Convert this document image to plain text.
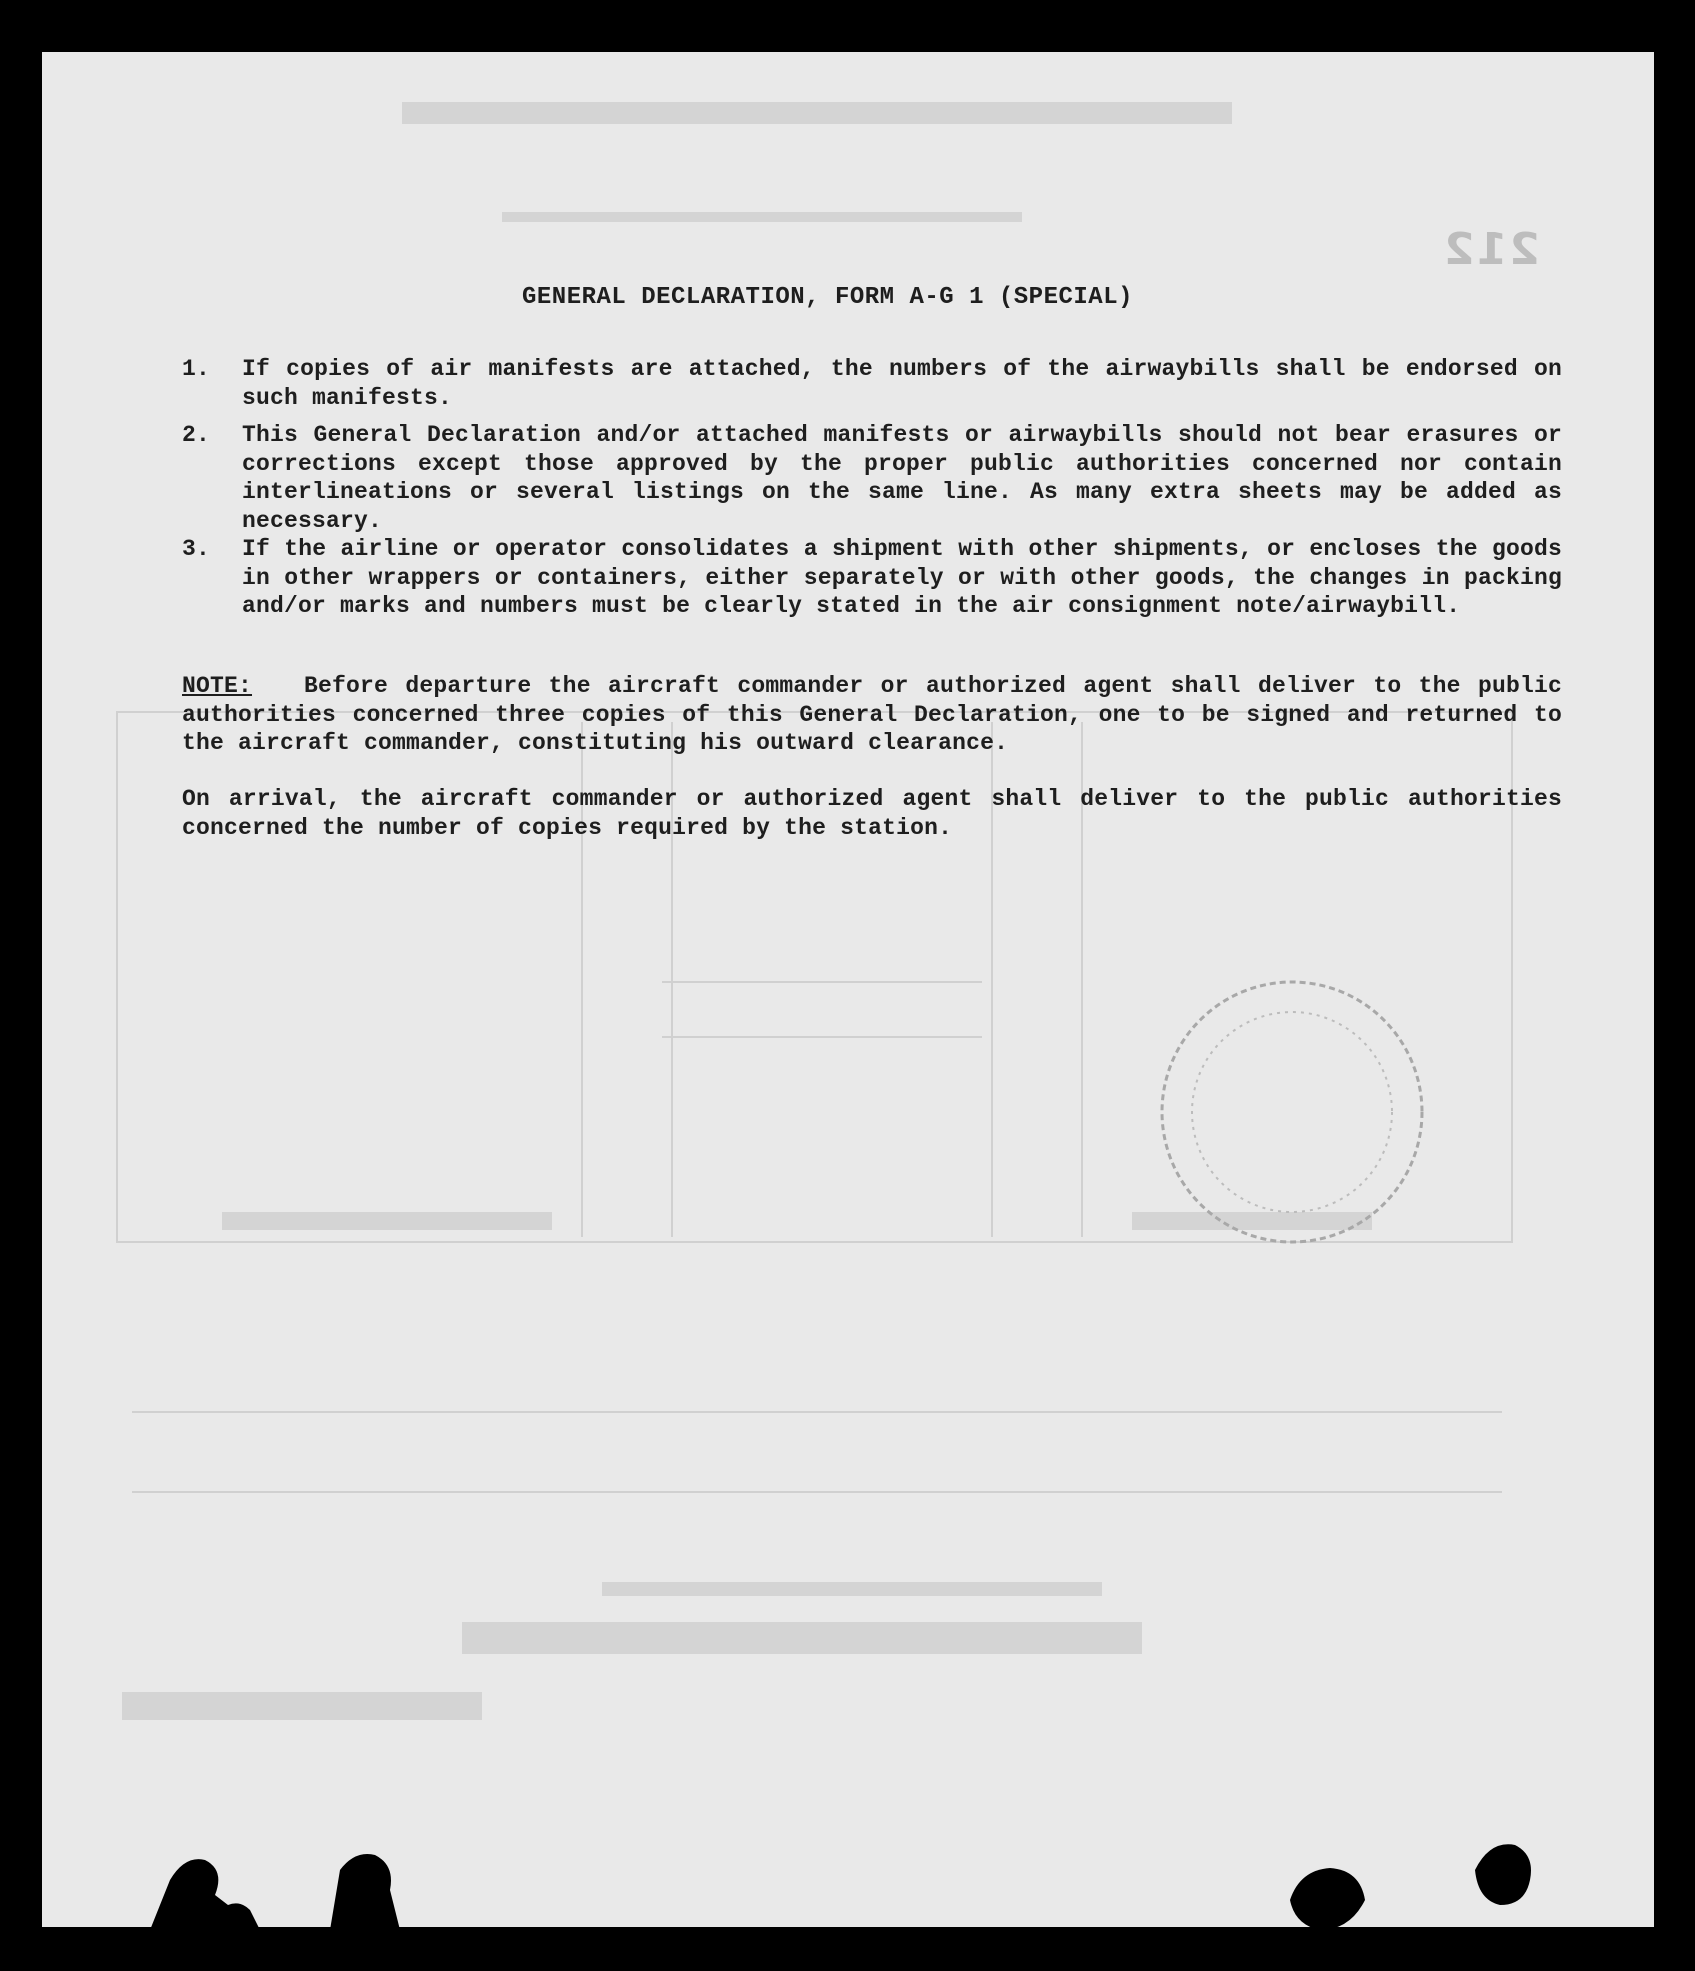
212
GENERAL DECLARATION, FORM A-G 1 (SPECIAL)
1. If copies of air manifests are attached, the numbers of the airwaybills shall be endorsed on such manifests.
2. This General Declaration and/or attached manifests or airwaybills should not bear erasures or corrections except those approved by the proper public authorities concerned nor contain interlineations or several listings on the same line. As many extra sheets may be added as necessary.
3. If the airline or operator consolidates a shipment with other shipments, or encloses the goods in other wrappers or containers, either separately or with other goods, the changes in packing and/or marks and numbers must be clearly stated in the air consignment note/airwaybill.
NOTE: Before departure the aircraft commander or authorized agent shall deliver to the public authorities concerned three copies of this General Declaration, one to be signed and returned to the aircraft commander, constituting his outward clearance.
On arrival, the aircraft commander or authorized agent shall deliver to the public authorities concerned the number of copies required by the station.
